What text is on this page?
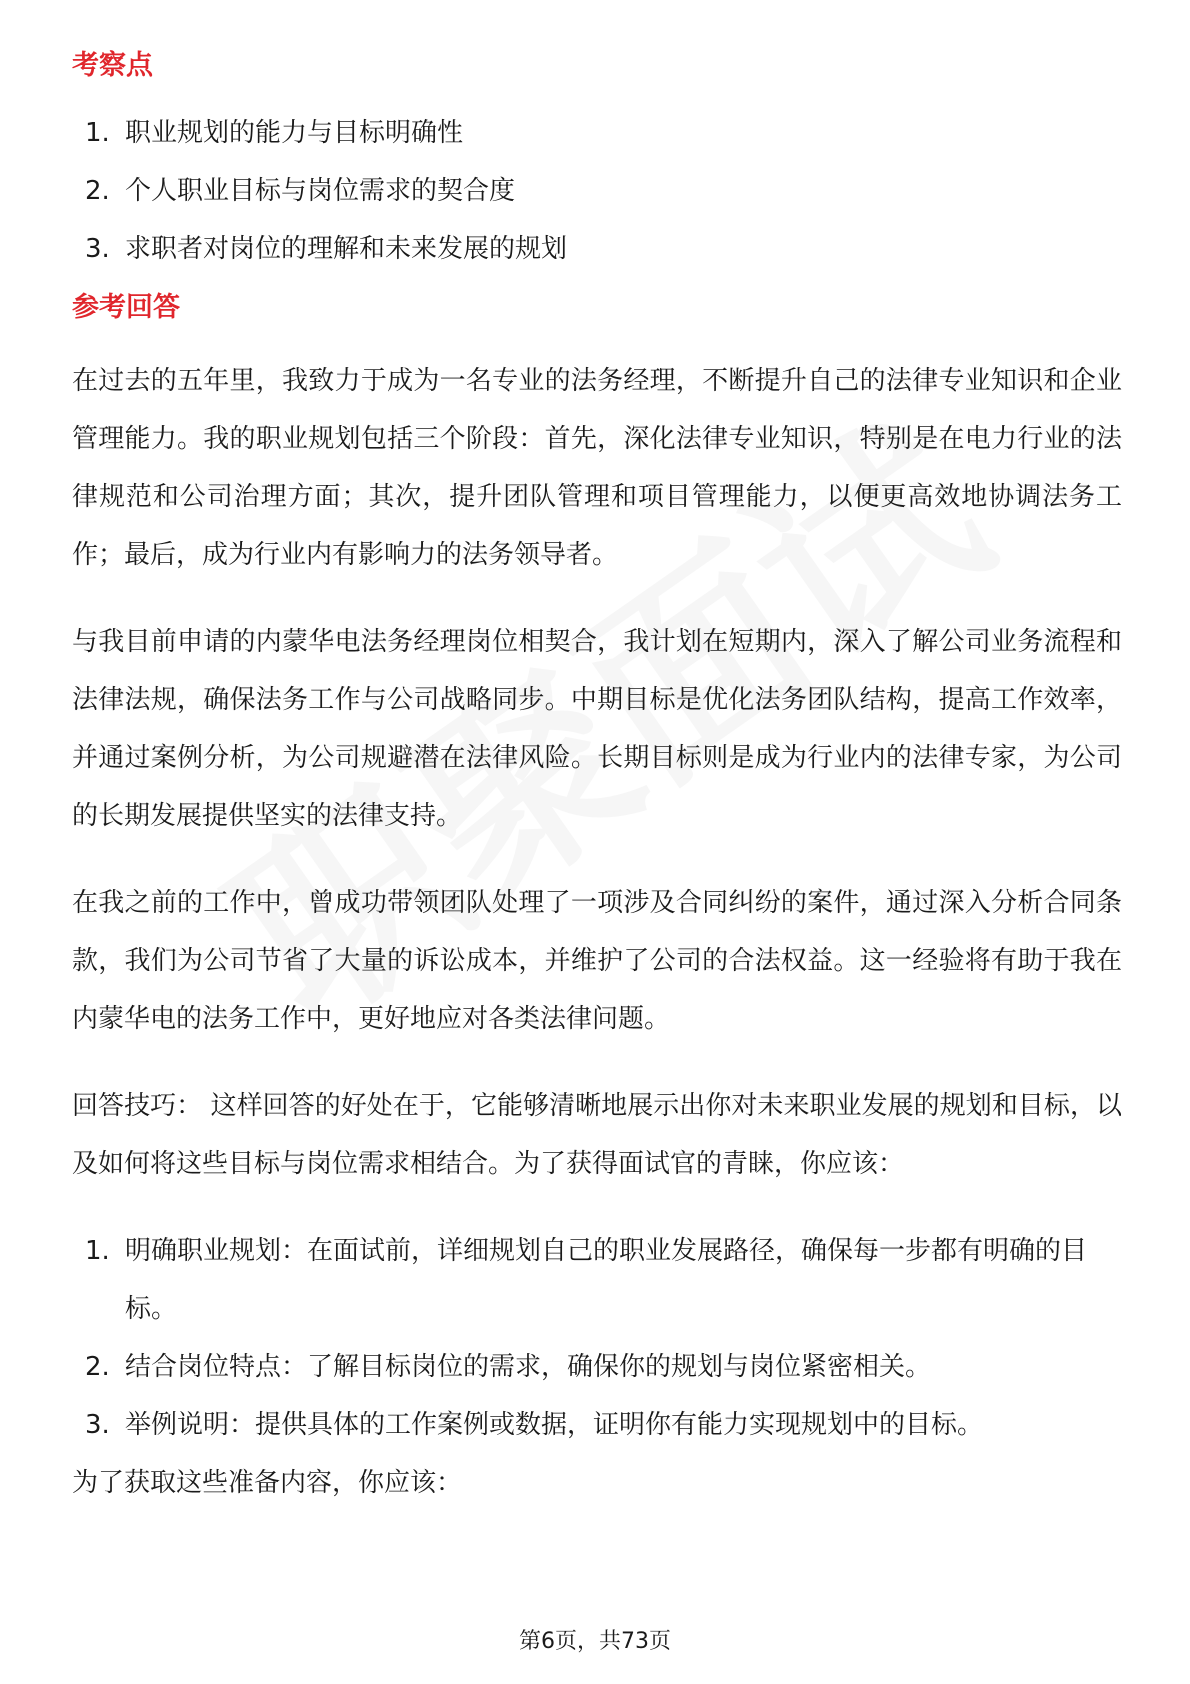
考察点
1. 职业规划的能力与目标明确性
2. 个人职业目标与岗位需求的契合度
3. 求职者对岗位的理解和未来发展的规划
参考回答

在过去的五年里，我致力于成为一名专业的法务经理，不断提升自己的法律专业知识和企业管理能力。我的职业规划包括三个阶段：首先，深化法律专业知识，特别是在电力行业的法律规范和公司治理方面；其次，提升团队管理和项目管理能力，以便更高效地协调法务工作；最后，成为行业内有影响力的法务领导者。

与我目前申请的内蒙华电法务经理岗位相契合，我计划在短期内，深入了解公司业务流程和法律法规，确保法务工作与公司战略同步。中期目标是优化法务团队结构，提高工作效率，并通过案例分析，为公司规避潜在法律风险。长期目标则是成为行业内的法律专家，为公司的长期发展提供坚实的法律支持。

在我之前的工作中，曾成功带领团队处理了一项涉及合同纠纷的案件，通过深入分析合同条款，我们为公司节省了大量的诉讼成本，并维护了公司的合法权益。这一经验将有助于我在内蒙华电的法务工作中，更好地应对各类法律问题。

回答技巧： 这样回答的好处在于，它能够清晰地展示出你对未来职业发展的规划和目标，以及如何将这些目标与岗位需求相结合。为了获得面试官的青睐，你应该：

1. 明确职业规划：在面试前，详细规划自己的职业发展路径，确保每一步都有明确的目标。
2. 结合岗位特点：了解目标岗位的需求，确保你的规划与岗位紧密相关。
3. 举例说明：提供具体的工作案例或数据，证明你有能力实现规划中的目标。

为了获取这些准备内容，你应该：

第6页，共73页
